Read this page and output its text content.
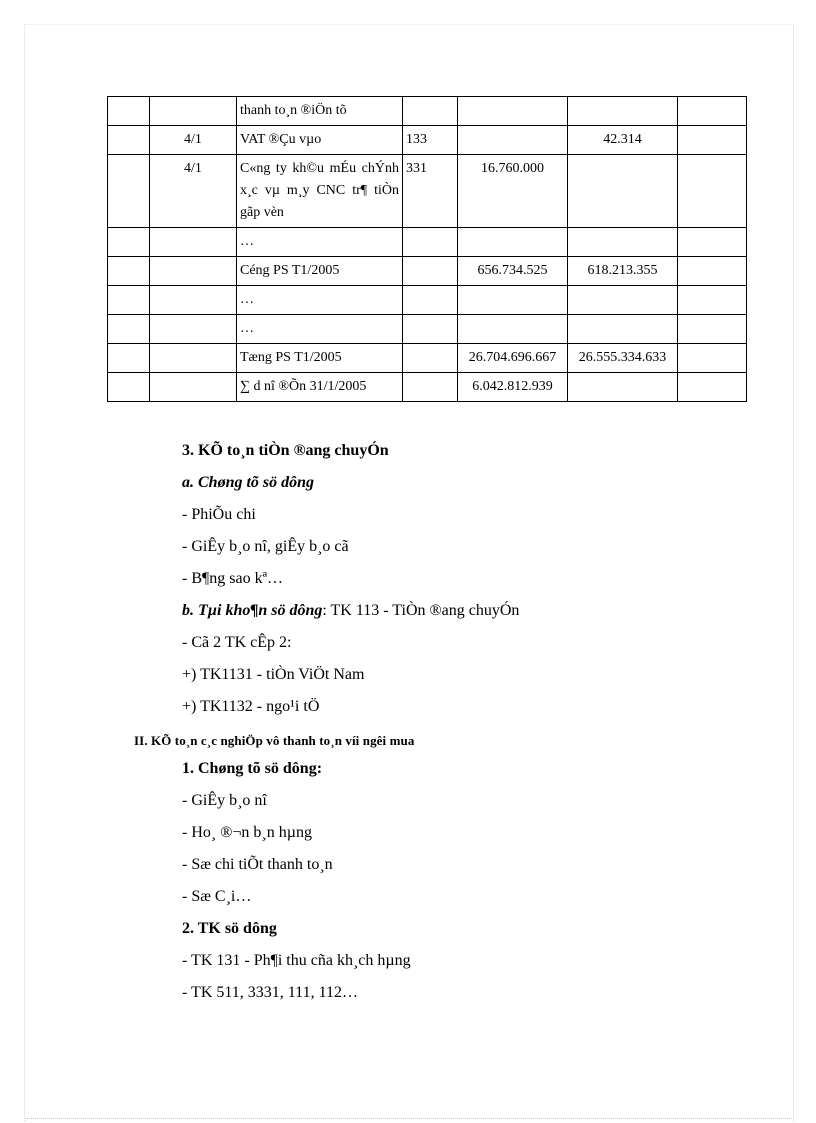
		thanh to¸n ®iÖn tõ				
	4/1	VAT ®Çu vµo	133		42.314	
	4/1	C«ng ty kh©u mÉu chÝnh x¸c vµ m¸y CNC tr¶ tiÒn gãp vèn	331	16.760.000		
		…				
		Céng PS T1/2005		656.734.525	618.213.355	
		…				
		…				
		Tæng PS T1/2005		26.704.696.667	26.555.334.633	
		∑ d nî ®Õn 31/1/2005		6.042.812.939		
3. KÕ to¸n tiÒn ®ang chuyÓn
a. Chøng tõ sö dông
- PhiÕu chi
- GiÊy b¸o nî, giÊy b¸o cã
- B¶ng sao kª…
b. Tµi kho¶n sö dông: TK 113 - TiÒn ®ang chuyÓn
- Cã 2 TK cÊp 2:
+) TK1131 - tiÒn ViÖt Nam
+) TK1132 - ngo¹i tÖ
II. KÕ to¸n c¸c nghiÖp vô thanh to¸n víi ngêi mua
1. Chøng tõ sö dông:
- GiÊy b¸o nî
- Ho¸ ®¬n b¸n hµng
- Sæ chi tiÕt thanh to¸n
- Sæ C¸i…
2. TK sö dông
- TK 131 - Ph¶i thu cña kh¸ch hµng
- TK 511, 3331, 111, 112…
